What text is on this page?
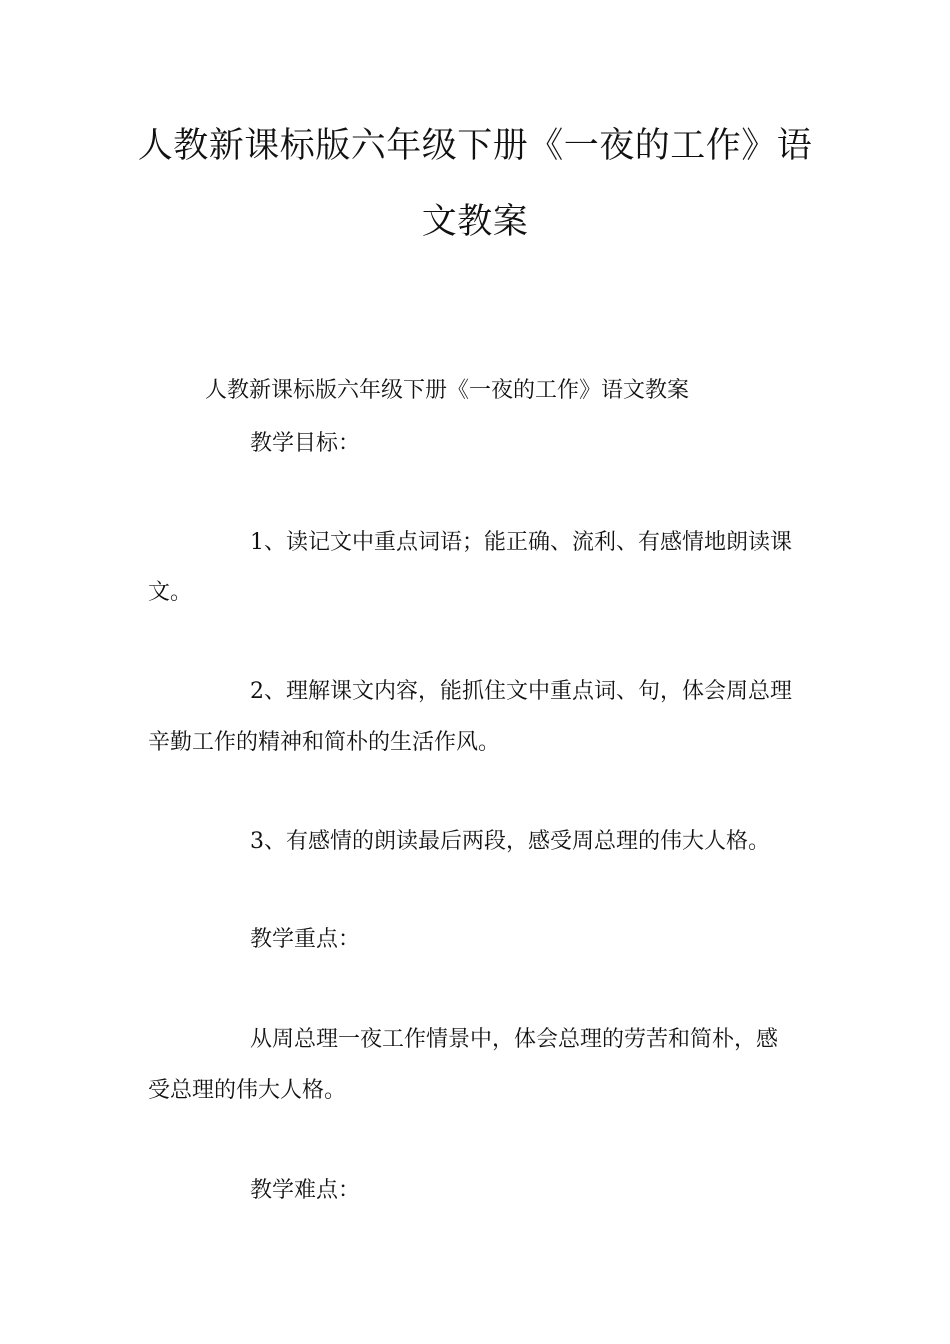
人教新课标版六年级下册《一夜的工作》语
文教案
人教新课标版六年级下册《一夜的工作》语文教案
教学目标：
1、读记文中重点词语；能正确、流利、有感情地朗读课
文。
2、理解课文内容，能抓住文中重点词、句，体会周总理
辛勤工作的精神和简朴的生活作风。
3、有感情的朗读最后两段，感受周总理的伟大人格。
教学重点：
从周总理一夜工作情景中，体会总理的劳苦和简朴，感
受总理的伟大人格。
教学难点：
